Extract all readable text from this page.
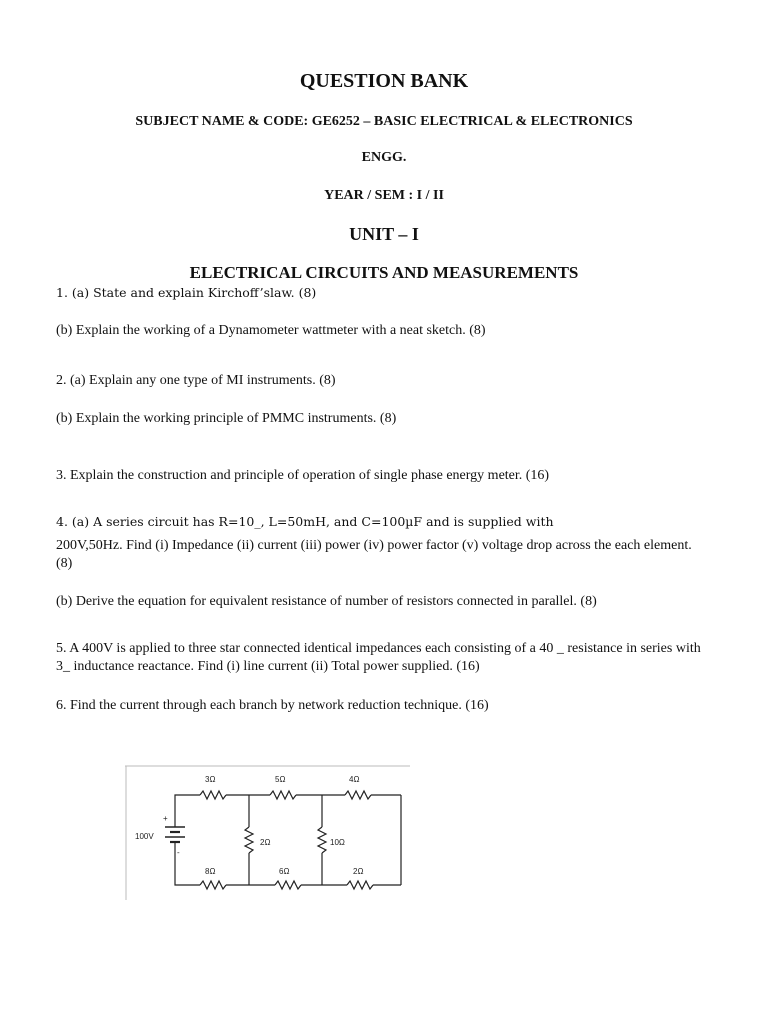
QUESTION BANK
SUBJECT NAME & CODE: GE6252 – BASIC ELECTRICAL & ELECTRONICS
ENGG.
YEAR / SEM : I / II
UNIT – I
ELECTRICAL CIRCUITS AND MEASUREMENTS
1. (a) State and explain Kirchoff’slaw. (8)
(b) Explain the working of a Dynamometer wattmeter with a neat sketch. (8)
2. (a) Explain any one type of MI instruments. (8)
(b) Explain the working principle of PMMC instruments. (8)
3. Explain the construction and principle of operation of single phase energy meter. (16)
4. (a) A series circuit has R=10_, L=50mH, and C=100µF and is supplied with
200V,50Hz. Find (i) Impedance (ii) current (iii) power (iv) power factor (v) voltage drop across the each element. (8)
(b) Derive the equation for equivalent resistance of number of resistors connected in parallel. (8)
5. A 400V is applied to three star connected identical impedances each consisting of a 40 _ resistance in series with 3_ inductance reactance. Find (i) line current (ii) Total power supplied. (16)
6. Find the current through each branch by network reduction technique. (16)
+
-
100V
3Ω	5Ω	4Ω
8Ω	6Ω	2Ω
2Ω	10Ω
